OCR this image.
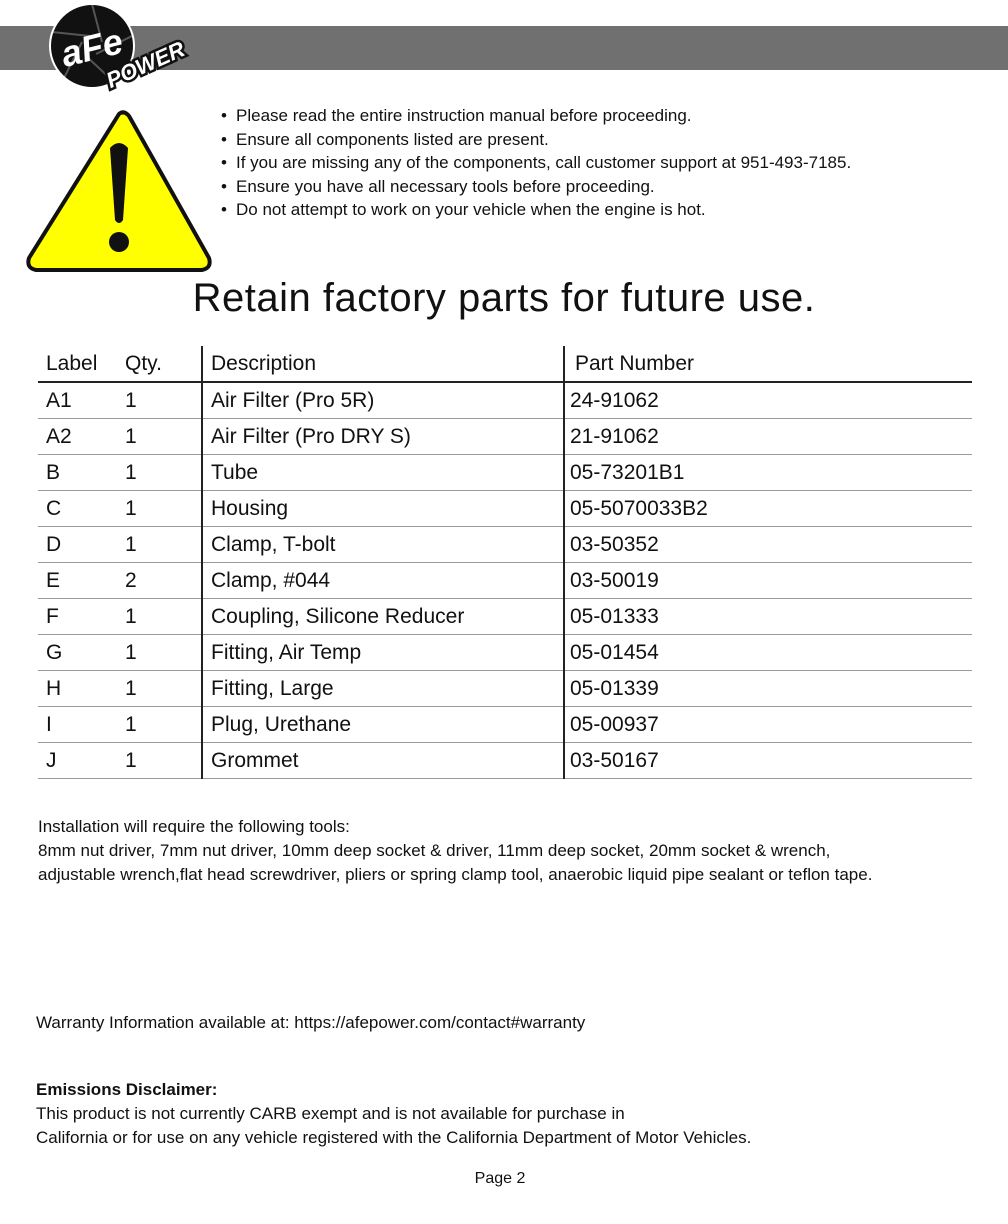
aFe
POWER
• Please read the entire instruction manual before proceeding.
• Ensure all components listed are present.
• If you are missing any of the components, call customer support at 951-493-7185.
• Ensure you have all necessary tools before proceeding.
• Do not attempt to work on your vehicle when the engine is hot.
Retain factory parts for future use.
Label	Qty.	Description	Part Number
A1	1	Air Filter (Pro 5R)	24-91062
A2	1	Air Filter (Pro DRY S)	21-91062
B	1	Tube	05-73201B1
C	1	Housing	05-5070033B2
D	1	Clamp, T-bolt	03-50352
E	2	Clamp, #044	03-50019
F	1	Coupling, Silicone Reducer	05-01333
G	1	Fitting, Air Temp	05-01454
H	1	Fitting, Large	05-01339
I	1	Plug, Urethane	05-00937
J	1	Grommet	03-50167
Installation will require the following tools:
8mm nut driver, 7mm nut driver, 10mm deep socket & driver, 11mm deep socket, 20mm socket & wrench,
adjustable wrench,flat head screwdriver, pliers or spring clamp tool, anaerobic liquid pipe sealant or teflon tape.
Warranty Information available at: https://afepower.com/contact#warranty
Emissions Disclaimer:
This product is not currently CARB exempt and is not available for purchase in
California or for use on any vehicle registered with the California Department of Motor Vehicles.
Page 2
